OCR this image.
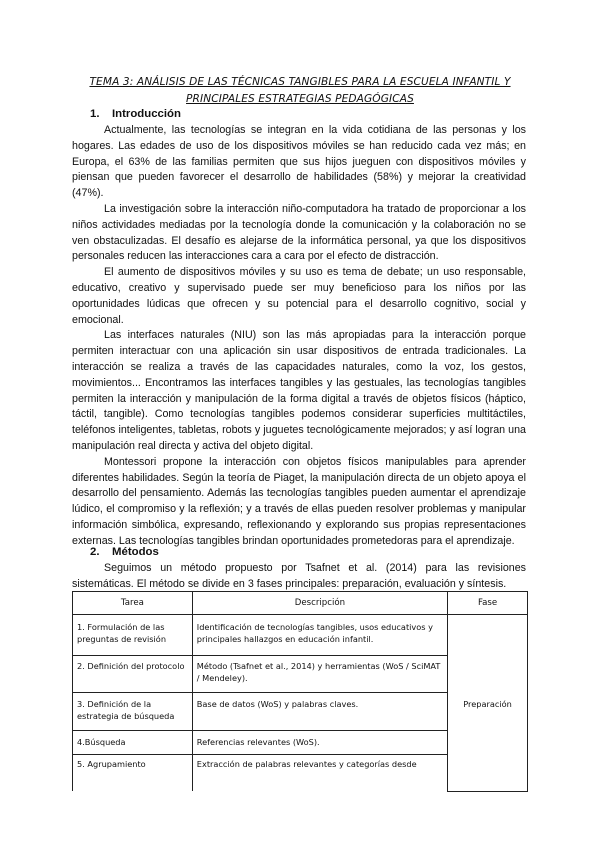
TEMA 3: ANÁLISIS DE LAS TÉCNICAS TANGIBLES PARA LA ESCUELA INFANTIL Y PRINCIPALES ESTRATEGIAS PEDAGÓGICAS
1. Introducción

Actualmente, las tecnologías se integran en la vida cotidiana de las personas y los hogares. Las edades de uso de los dispositivos móviles se han reducido cada vez más; en Europa, el 63% de las familias permiten que sus hijos jueguen con dispositivos móviles y piensan que pueden favorecer el desarrollo de habilidades (58%) y mejorar la creatividad (47%).

La investigación sobre la interacción niño-computadora ha tratado de proporcionar a los niños actividades mediadas por la tecnología donde la comunicación y la colaboración no se ven obstaculizadas. El desafío es alejarse de la informática personal, ya que los dispositivos personales reducen las interacciones cara a cara por el efecto de distracción.

El aumento de dispositivos móviles y su uso es tema de debate; un uso responsable, educativo, creativo y supervisado puede ser muy beneficioso para los niños por las oportunidades lúdicas que ofrecen y su potencial para el desarrollo cognitivo, social y emocional.

Las interfaces naturales (NIU) son las más apropiadas para la interacción porque permiten interactuar con una aplicación sin usar dispositivos de entrada tradicionales. La interacción se realiza a través de las capacidades naturales, como la voz, los gestos, movimientos... Encontramos las interfaces tangibles y las gestuales, las tecnologías tangibles permiten la interacción y manipulación de la forma digital a través de objetos físicos (háptico, táctil, tangible). Como tecnologías tangibles podemos considerar superficies multitáctiles, teléfonos inteligentes, tabletas, robots y juguetes tecnológicamente mejorados; y así logran una manipulación real directa y activa del objeto digital.

Montessori propone la interacción con objetos físicos manipulables para aprender diferentes habilidades. Según la teoría de Piaget, la manipulación directa de un objeto apoya el desarrollo del pensamiento. Además las tecnologías tangibles pueden aumentar el aprendizaje lúdico, el compromiso y la reflexión; y a través de ellas pueden resolver problemas y manipular información simbólica, expresando, reflexionando y explorando sus propias representaciones externas. Las tecnologías tangibles brindan oportunidades prometedoras para el aprendizaje.

2. Métodos

Seguimos un método propuesto por Tsafnet et al. (2014) para las revisiones sistemáticas. El método se divide en 3 fases principales: preparación, evaluación y síntesis.

Tarea	Descripción	Fase
1. Formulación de las preguntas de revisión	Identificación de tecnologías tangibles, usos educativos y principales hallazgos en educación infantil.	Preparación
2. Definición del protocolo	Método (Tsafnet et al., 2014) y herramientas (WoS / SciMAT / Mendeley).	
3. Definición de la estrategia de búsqueda	Base de datos (WoS) y palabras claves.	
4.Búsqueda	Referencias relevantes (WoS).	
5. Agrupamiento	Extracción de palabras relevantes y categorías desde	
